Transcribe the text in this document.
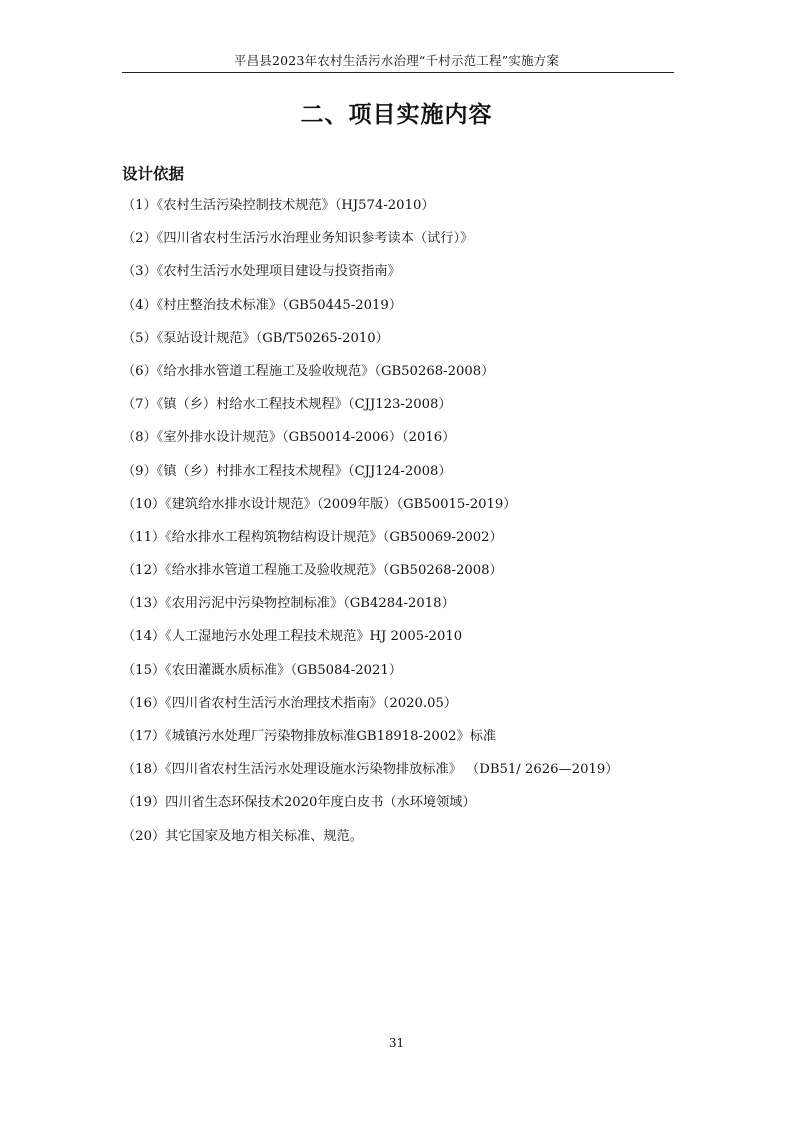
平昌县2023年农村生活污水治理“千村示范工程”实施方案
二、项目实施内容
设计依据
（1）《农村生活污染控制技术规范》（HJ574-2010）
（2）《四川省农村生活污水治理业务知识参考读本（试行）》
（3）《农村生活污水处理项目建设与投资指南》
（4）《村庄整治技术标准》（GB50445-2019）
（5）《泵站设计规范》（GB/T50265-2010）
（6）《给水排水管道工程施工及验收规范》（GB50268-2008）
（7）《镇（乡）村给水工程技术规程》（CJJ123-2008）
（8）《室外排水设计规范》（GB50014-2006）（2016）
（9）《镇（乡）村排水工程技术规程》（CJJ124-2008）
（10）《建筑给水排水设计规范》（2009年版）（GB50015-2019）
（11）《给水排水工程构筑物结构设计规范》（GB50069-2002）
（12）《给水排水管道工程施工及验收规范》（GB50268-2008）
（13）《农用污泥中污染物控制标准》（GB4284-2018）
（14）《人工湿地污水处理工程技术规范》HJ 2005-2010
（15）《农田灌溉水质标准》（GB5084-2021）
（16）《四川省农村生活污水治理技术指南》（2020.05）
（17）《城镇污水处理厂污染物排放标准GB18918-2002》标准
（18）《四川省农村生活污水处理设施水污染物排放标准》 （DB51/ 2626—2019）
（19）四川省生态环保技术2020年度白皮书（水环境领域）
（20）其它国家及地方相关标准、规范。
31
